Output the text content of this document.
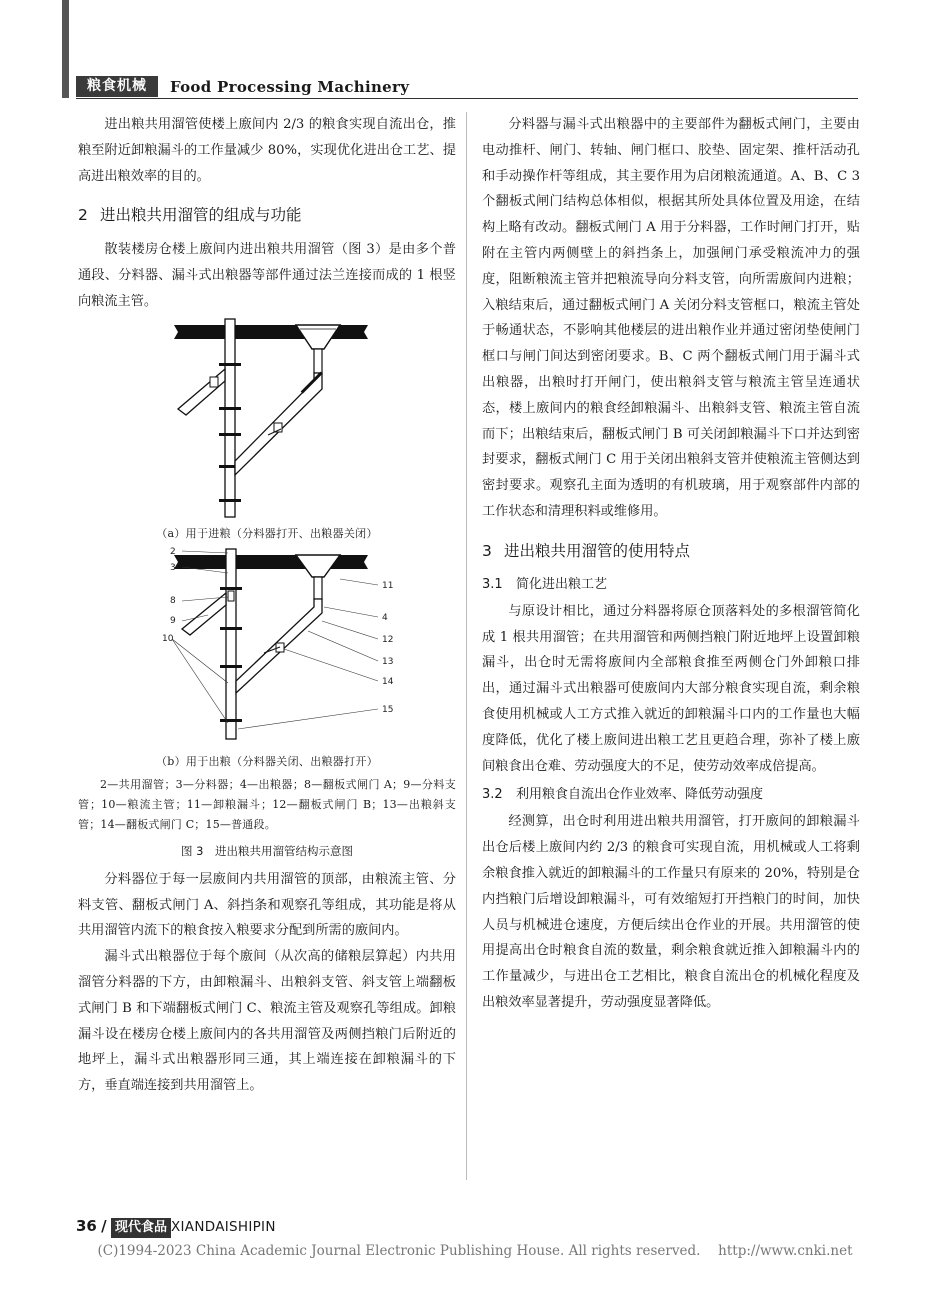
粮食机械	Food Processing Machinery

进出粮共用溜管使楼上廒间内 2/3 的粮食实现自流出仓，推粮至附近卸粮漏斗的工作量减少 80%，实现优化进出仓工艺、提高进出粮效率的目的。

2 进出粮共用溜管的组成与功能

散装楼房仓楼上廒间内进出粮共用溜管（图 3）是由多个普通段、分料器、漏斗式出粮器等部件通过法兰连接而成的 1 根竖向粮流主管。

（a）用于进粮（分料器打开、出粮器关闭）

2
3
8
9
10
11
4
12
13
14
15

（b）用于出粮（分料器关闭、出粮器打开）

2—共用溜管；3—分料器；4—出粮器；8—翻板式闸门 A；9—分料支管；10—粮流主管；11—卸粮漏斗；12—翻板式闸门 B；13—出粮斜支管；14—翻板式闸门 C；15—普通段。

图 3　进出粮共用溜管结构示意图

分料器位于每一层廒间内共用溜管的顶部，由粮流主管、分料支管、翻板式闸门 A、斜挡条和观察孔等组成，其功能是将从共用溜管内流下的粮食按入粮要求分配到所需的廒间内。

漏斗式出粮器位于每个廒间（从次高的储粮层算起）内共用溜管分料器的下方，由卸粮漏斗、出粮斜支管、斜支管上端翻板式闸门 B 和下端翻板式闸门 C、粮流主管及观察孔等组成。卸粮漏斗设在楼房仓楼上廒间内的各共用溜管及两侧挡粮门后附近的地坪上，漏斗式出粮器形同三通，其上端连接在卸粮漏斗的下方，垂直端连接到共用溜管上。

分料器与漏斗式出粮器中的主要部件为翻板式闸门，主要由电动推杆、闸门、转轴、闸门框口、胶垫、固定架、推杆活动孔和手动操作杆等组成，其主要作用为启闭粮流通道。A、B、C 3 个翻板式闸门结构总体相似，根据其所处具体位置及用途，在结构上略有改动。翻板式闸门 A 用于分料器，工作时闸门打开，贴附在主管内两侧壁上的斜挡条上，加强闸门承受粮流冲力的强度，阻断粮流主管并把粮流导向分料支管，向所需廒间内进粮；入粮结束后，通过翻板式闸门 A 关闭分料支管框口，粮流主管处于畅通状态，不影响其他楼层的进出粮作业并通过密闭垫使闸门框口与闸门间达到密闭要求。B、C 两个翻板式闸门用于漏斗式出粮器，出粮时打开闸门，使出粮斜支管与粮流主管呈连通状态，楼上廒间内的粮食经卸粮漏斗、出粮斜支管、粮流主管自流而下；出粮结束后，翻板式闸门 B 可关闭卸粮漏斗下口并达到密封要求，翻板式闸门 C 用于关闭出粮斜支管并使粮流主管侧达到密封要求。观察孔主面为透明的有机玻璃，用于观察部件内部的工作状态和清理积料或维修用。

3 进出粮共用溜管的使用特点
3.1 简化进出粮工艺

与原设计相比，通过分料器将原仓顶落料处的多根溜管简化成 1 根共用溜管；在共用溜管和两侧挡粮门附近地坪上设置卸粮漏斗，出仓时无需将廒间内全部粮食推至两侧仓门外卸粮口排出，通过漏斗式出粮器可使廒间内大部分粮食实现自流，剩余粮食使用机械或人工方式推入就近的卸粮漏斗口内的工作量也大幅度降低，优化了楼上廒间进出粮工艺且更趋合理，弥补了楼上廒间粮食出仓难、劳动强度大的不足，使劳动效率成倍提高。

3.2 利用粮食自流出仓作业效率、降低劳动强度

经测算，出仓时利用进出粮共用溜管，打开廒间的卸粮漏斗出仓后楼上廒间内约 2/3 的粮食可实现自流，用机械或人工将剩余粮食推入就近的卸粮漏斗的工作量只有原来的 20%，特别是仓内挡粮门后增设卸粮漏斗，可有效缩短打开挡粮门的时间，加快人员与机械进仓速度，方便后续出仓作业的开展。共用溜管的使用提高出仓时粮食自流的数量，剩余粮食就近推入卸粮漏斗内的工作量减少，与进出仓工艺相比，粮食自流出仓的机械化程度及出粮效率显著提升，劳动强度显著降低。

36 / 现代食品 XIANDAISHIPIN
(C)1994-2023 China Academic Journal Electronic Publishing House. All rights reserved.　 http://www.cnki.net
